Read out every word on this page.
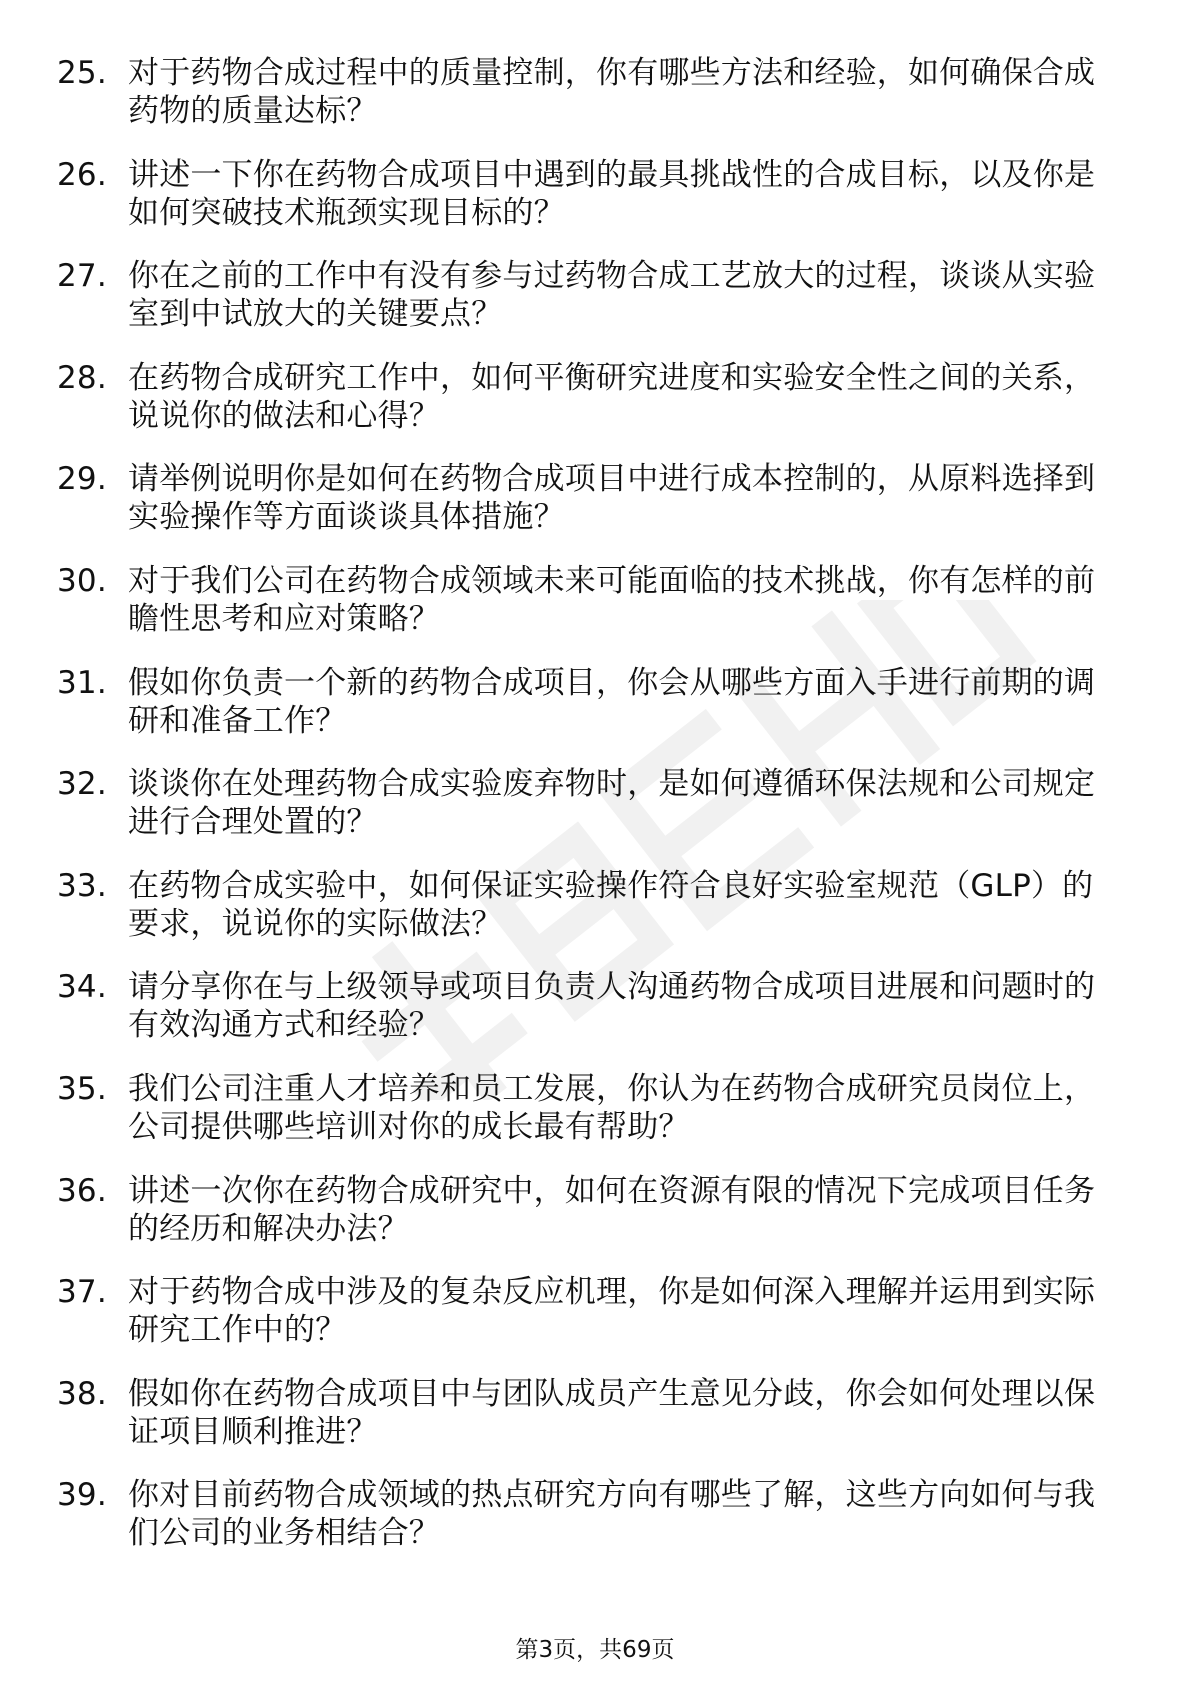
25. 对于药物合成过程中的质量控制，你有哪些方法和经验，如何确保合成药物的质量达标？
26. 讲述一下你在药物合成项目中遇到的最具挑战性的合成目标，以及你是如何突破技术瓶颈实现目标的？
27. 你在之前的工作中有没有参与过药物合成工艺放大的过程，谈谈从实验室到中试放大的关键要点？
28. 在药物合成研究工作中，如何平衡研究进度和实验安全性之间的关系，说说你的做法和心得？
29. 请举例说明你是如何在药物合成项目中进行成本控制的，从原料选择到实验操作等方面谈谈具体措施？
30. 对于我们公司在药物合成领域未来可能面临的技术挑战，你有怎样的前瞻性思考和应对策略？
31. 假如你负责一个新的药物合成项目，你会从哪些方面入手进行前期的调研和准备工作？
32. 谈谈你在处理药物合成实验废弃物时，是如何遵循环保法规和公司规定进行合理处置的？
33. 在药物合成实验中，如何保证实验操作符合良好实验室规范（GLP）的要求，说说你的实际做法？
34. 请分享你在与上级领导或项目负责人沟通药物合成项目进展和问题时的有效沟通方式和经验？
35. 我们公司注重人才培养和员工发展，你认为在药物合成研究员岗位上，公司提供哪些培训对你的成长最有帮助？
36. 讲述一次你在药物合成研究中，如何在资源有限的情况下完成项目任务的经历和解决办法？
37. 对于药物合成中涉及的复杂反应机理，你是如何深入理解并运用到实际研究工作中的？
38. 假如你在药物合成项目中与团队成员产生意见分歧，你会如何处理以保证项目顺利推进？
39. 你对目前药物合成领域的热点研究方向有哪些了解，这些方向如何与我们公司的业务相结合？
第3页，共69页
